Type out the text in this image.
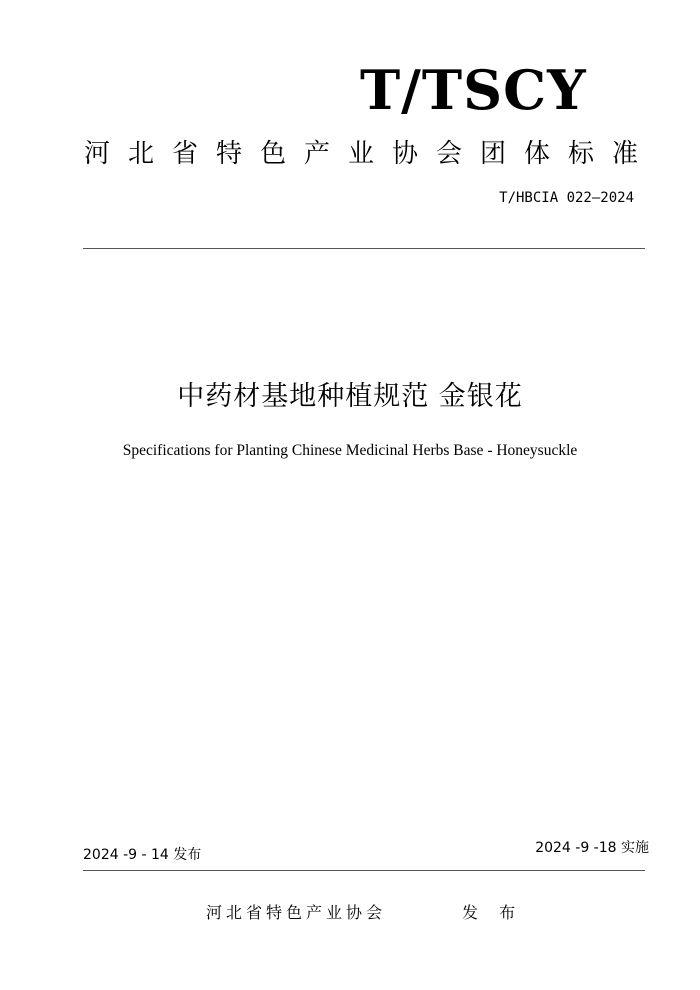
T/TSCY
河北省特色产业协会团体标准
T/HBCIA 022—2024
中药材基地种植规范 金银花
Specifications for Planting Chinese Medicinal Herbs Base - Honeysuckle
2024 -9 - 14 发布	2024 -9 -18 实施
河北省特色产业协会	发 布
